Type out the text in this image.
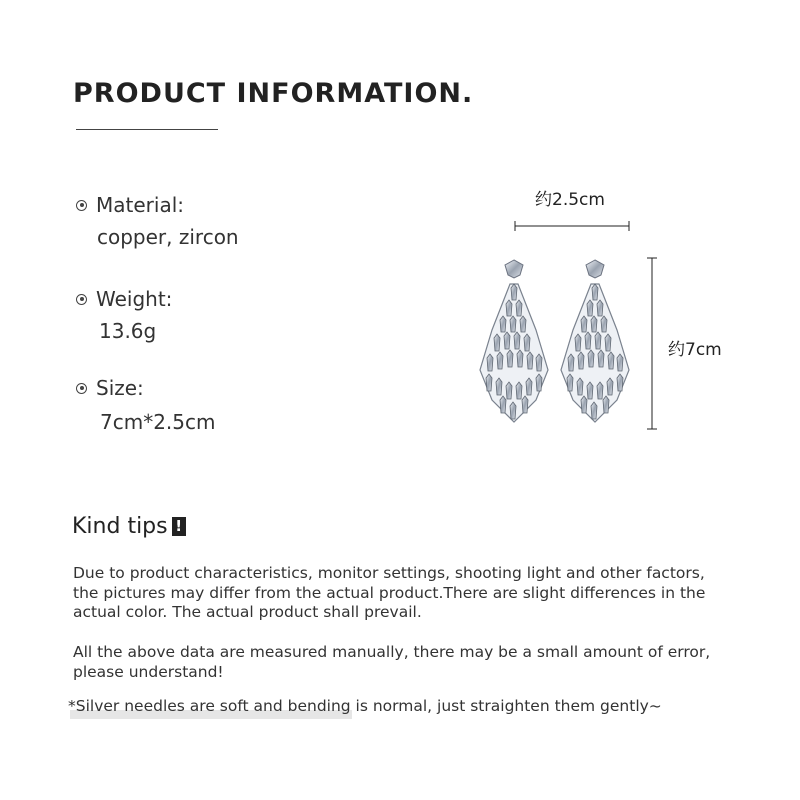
PRODUCT INFORMATION.
Material:
copper, zircon
Weight:
13.6g
Size:
7cm*2.5cm
约2.5cm
约7cm
Kind tips !
Due to product characteristics, monitor settings, shooting light and other factors, the pictures may differ from the actual product.There are slight differences in the actual color. The actual product shall prevail.
All the above data are measured manually, there may be a small amount of error, please understand!
*Silver needles are soft and bending is normal, just straighten them gently~
